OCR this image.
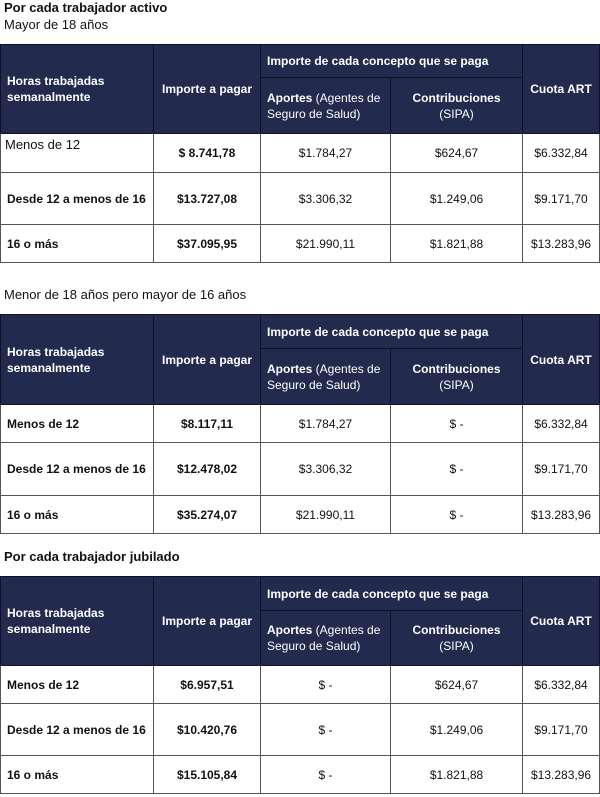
Por cada trabajador activo
Mayor de 18 años
Horas trabajadas semanalmente	Importe a pagar	Importe de cada concepto que se paga		Cuota ART
		Aportes (Agentes de Seguro de Salud)	Contribuciones (SIPA)	
Menos de 12	$ 8.741,78	$1.784,27	$624,67	$6.332,84
Desde 12 a menos de 16	$13.727,08	$3.306,32	$1.249,06	$9.171,70
16 o más	$37.095,95	$21.990,11	$1.821,88	$13.283,96
Menor de 18 años pero mayor de 16 años
Horas trabajadas semanalmente	Importe a pagar	Importe de cada concepto que se paga		Cuota ART
		Aportes (Agentes de Seguro de Salud)	Contribuciones (SIPA)	
Menos de 12	$8.117,11	$1.784,27	$ -	$6.332,84
Desde 12 a menos de 16	$12.478,02	$3.306,32	$ -	$9.171,70
16 o más	$35.274,07	$21.990,11	$ -	$13.283,96
Por cada trabajador jubilado
Horas trabajadas semanalmente	Importe a pagar	Importe de cada concepto que se paga		Cuota ART
		Aportes (Agentes de Seguro de Salud)	Contribuciones (SIPA)	
Menos de 12	$6.957,51	$ -	$624,67	$6.332,84
Desde 12 a menos de 16	$10.420,76	$ -	$1.249,06	$9.171,70
16 o más	$15.105,84	$ -	$1.821,88	$13.283,96
